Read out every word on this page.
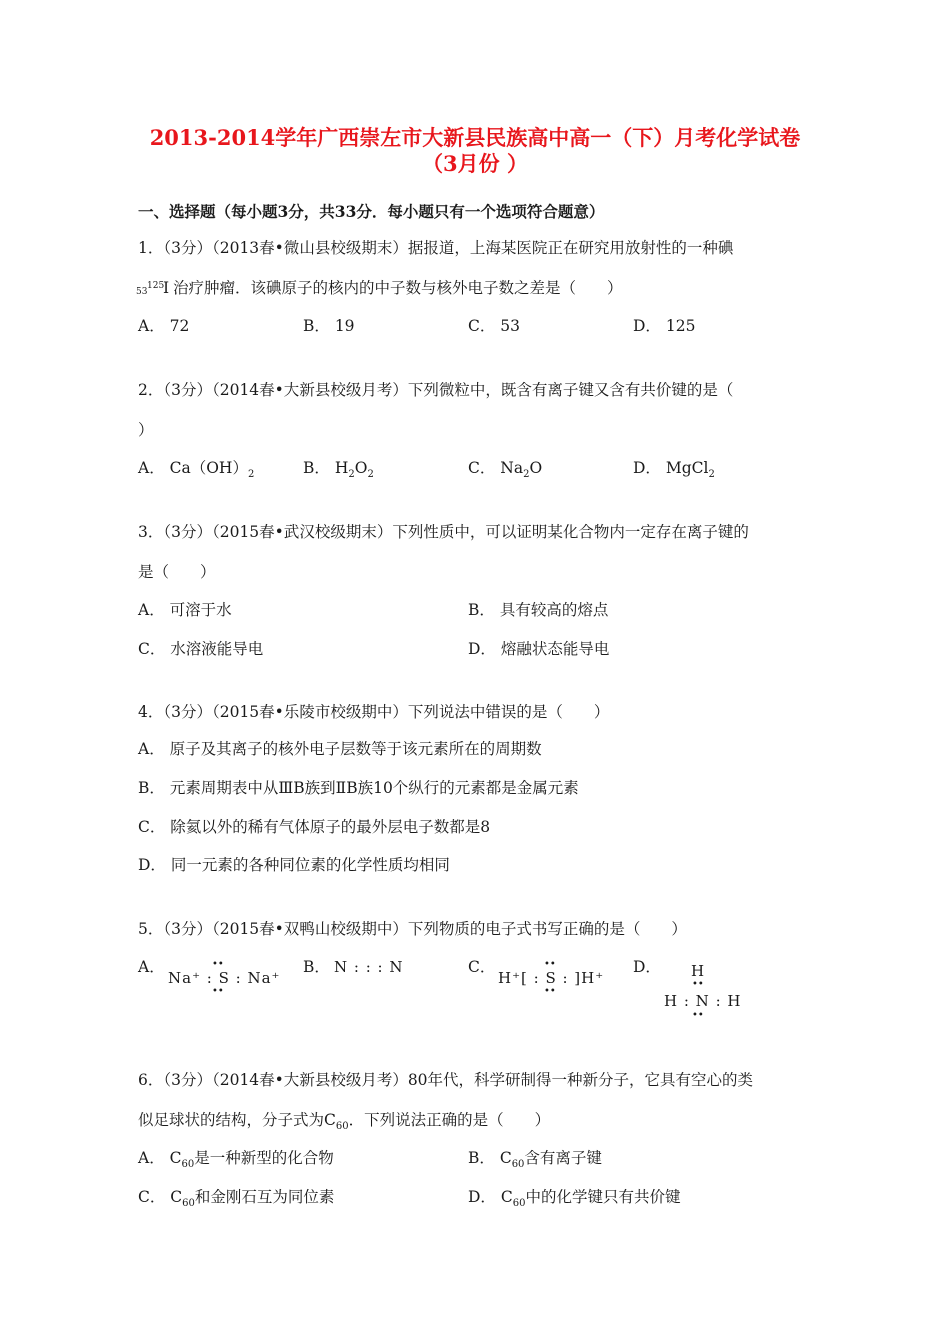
2013-2014学年广西崇左市大新县民族高中高一（下）月考化学试卷
（3月份 ）
一、选择题（每小题3分，共33分．每小题只有一个选项符合题意）
1．（3分）（2013春•微山县校级期末）据报道，上海某医院正在研究用放射性的一种碘
53
125
I 治疗肿瘤．该碘原子的核内的中子数与核外电子数之差是（　　）
A． 72	B． 19	C． 53	D． 125
2．（3分）（2014春•大新县校级月考）下列微粒中，既含有离子键又含有共价键的是（
）
A． $Ca(OH)_2$	B． $H_2O_2$	C． $Na_2O$	D． MgCl$_2$
3．（3分）（2015春•武汉校级期末）下列性质中，可以证明某化合物内一定存在离子键的
是（　　）
A． 可溶于水	B． 具有较高的熔点
C． 水溶液能导电	D． 熔融状态能导电
4．（3分）（2015春•乐陵市校级期中）下列说法中错误的是（　　）
A． 原子及其离子的核外电子层数等于该元素所在的周期数
B． 元素周期表中从ⅢB族到ⅡB族10个纵行的元素都是金属元素
C． 除氦以外的稀有气体原子的最外层电子数都是8
D． 同一元素的各种同位素的化学性质均相同
5．（3分）（2015春•双鸭山校级期中）下列物质的电子式书写正确的是（　　）
A．
Na⁺ : S : Na⁺
••
••
B． N : : : N	C．
H⁺[ : S : ]H⁺
••
••
D． H
••
H : N : H
••
6．（3分）（2014春•大新县校级月考）80年代，科学研制得一种新分子，它具有空心的类
似足球状的结构，分子式为$C_{60}$．下列说法正确的是（　　）
A． $C_{60}$是一种新型的化合物	B． $C_{60}$含有离子键
C． $C_{60}$和金刚石互为同位素	D． $C_{60}$中的化学键只有共价键
